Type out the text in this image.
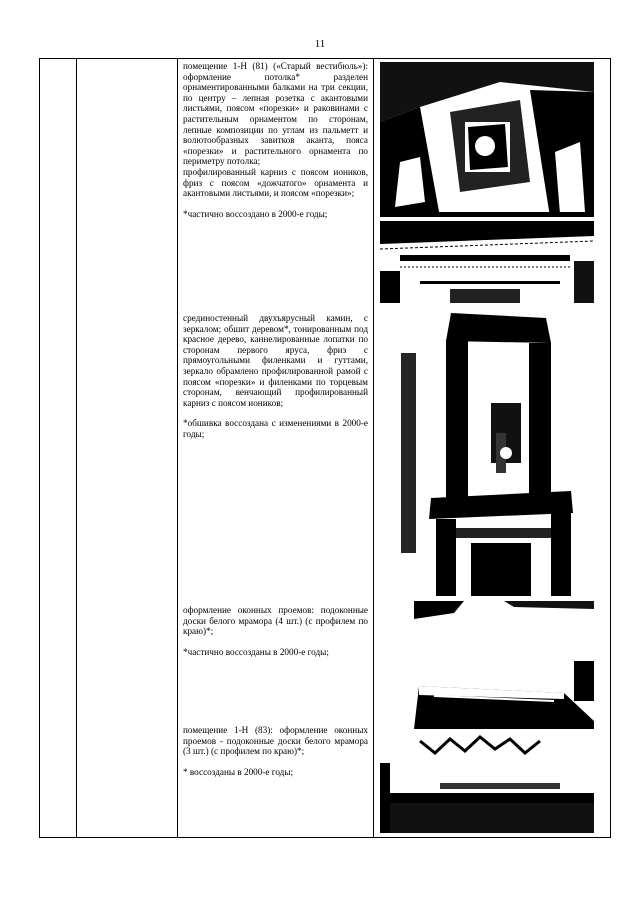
11

помещение 1-Н (81) («Старый вестибюль»): оформление потолка* разделен орнаментированными балками на три секции, по центру – лепная розетка с акантовыми листьями, поясом «порезки» и раковинами с растительным орнаментом по сторонам, лепные композиции по углам из пальметт и волютообразных завитков аканта, пояса «порезки» и растительного орнамента по периметру потолка;

профилированный карниз с поясом иоников, фриз с поясом «дожчатого» орнамента и акантовыми листьями, и поясом «порезки»;

*частично воссоздано в 2000-е годы;

срединостенный двухъярусный камин, с зеркалом; обшит деревом*, тонированным под красное дерево, каннелированные лопатки по сторонам первого яруса, фриз с прямоугольными филенками и гуттами, зеркало обрамлено профилированной рамой с поясом «порезки» и филенками по торцевым сторонам, венчающий профилированный карниз с поясом иоников;

*обшивка воссоздана с изменениями в 2000-е годы;

оформление оконных проемов: подоконные доски белого мрамора (4 шт.) (с профилем по краю)*;

*частично воссозданы в 2000-е годы;

помещение 1-Н (83): оформление оконных проемов - подоконные доски белого мрамора (3 шт.) (с профилем по краю)*;

* воссозданы в 2000-е годы;
